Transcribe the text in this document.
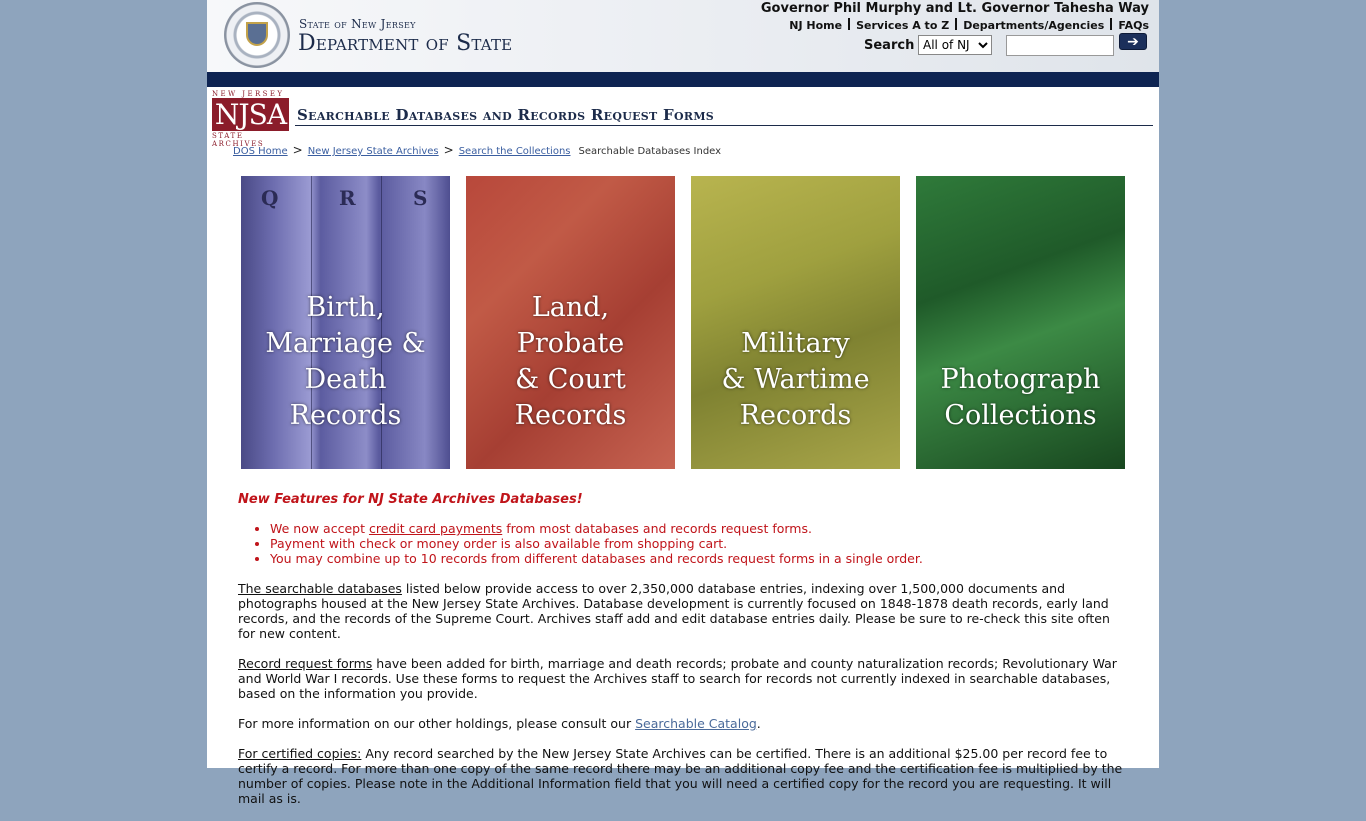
State of New Jersey
Department of State
Governor Phil Murphy and Lt. Governor Tahesha Way
NJ Home Services A to Z Departments/Agencies FAQs
Search
All of NJ	➔
NEW JERSEY
NJSA
STATE ARCHIVES
Searchable Databases and Records Request Forms
DOS Home > New Jersey State Archives > Search the Collections Searchable Databases Index
Q	R	S
Birth,
Marriage &
Death
Records
Land,
Probate
& Court
Records
Military
& Wartime
Records
Photograph
Collections
New Features for NJ State Archives Databases!
• We now accept credit card payments from most databases and records request forms.
• Payment with check or money order is also available from shopping cart.
• You may combine up to 10 records from different databases and records request forms in a single order.

The searchable databases listed below provide access to over 2,350,000 database entries, indexing over 1,500,000 documents and photographs housed at the New Jersey State Archives. Database development is currently focused on 1848-1878 death records, early land records, and the records of the Supreme Court. Archives staff add and edit database entries daily. Please be sure to re-check this site often for new content.

Record request forms have been added for birth, marriage and death records; probate and county naturalization records; Revolutionary War and World War I records. Use these forms to request the Archives staff to search for records not currently indexed in searchable databases, based on the information you provide.

For more information on our other holdings, please consult our Searchable Catalog.

For certified copies: Any record searched by the New Jersey State Archives can be certified. There is an additional $25.00 per record fee to certify a record. For more than one copy of the same record there may be an additional copy fee and the certification fee is multiplied by the number of copies. Please note in the Additional Information field that you will need a certified copy for the record you are requesting. It will mail as is.
